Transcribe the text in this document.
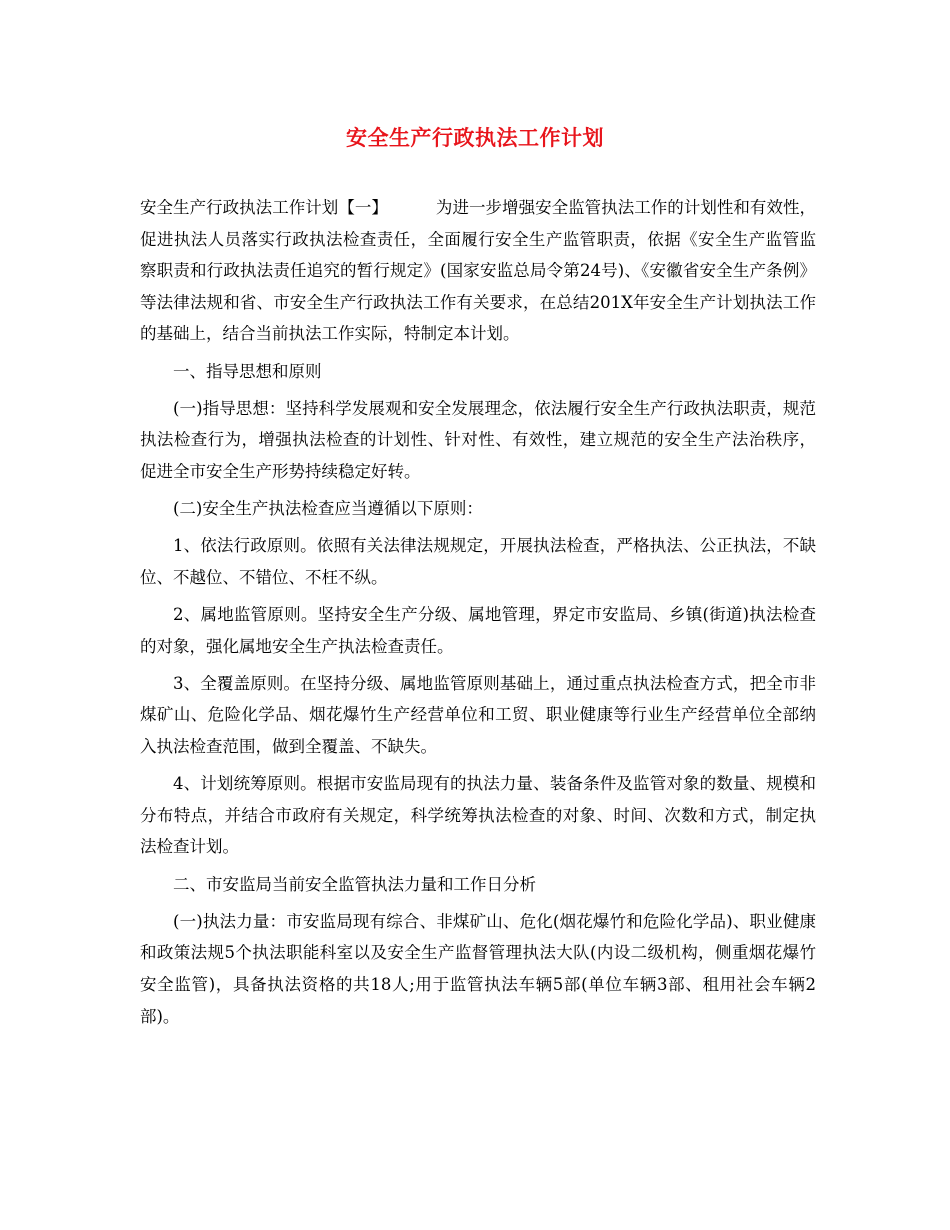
安全生产行政执法工作计划

安全生产行政执法工作计划【一】	为进一步增强安全监管执法工作的计划性和有效性，促进执法人员落实行政执法检查责任，全面履行安全生产监管职责，依据《安全生产监管监察职责和行政执法责任追究的暂行规定》(国家安监总局令第24号)、《安徽省安全生产条例》等法律法规和省、市安全生产行政执法工作有关要求，在总结201X年安全生产计划执法工作的基础上，结合当前执法工作实际，特制定本计划。

一、指导思想和原则

(一)指导思想：坚持科学发展观和安全发展理念，依法履行安全生产行政执法职责，规范执法检查行为，增强执法检查的计划性、针对性、有效性，建立规范的安全生产法治秩序，促进全市安全生产形势持续稳定好转。

(二)安全生产执法检查应当遵循以下原则：

1、依法行政原则。依照有关法律法规规定，开展执法检查，严格执法、公正执法，不缺位、不越位、不错位、不枉不纵。

2、属地监管原则。坚持安全生产分级、属地管理，界定市安监局、乡镇(街道)执法检查的对象，强化属地安全生产执法检查责任。

3、全覆盖原则。在坚持分级、属地监管原则基础上，通过重点执法检查方式，把全市非煤矿山、危险化学品、烟花爆竹生产经营单位和工贸、职业健康等行业生产经营单位全部纳入执法检查范围，做到全覆盖、不缺失。

4、计划统筹原则。根据市安监局现有的执法力量、装备条件及监管对象的数量、规模和分布特点，并结合市政府有关规定，科学统筹执法检查的对象、时间、次数和方式，制定执法检查计划。

二、市安监局当前安全监管执法力量和工作日分析

(一)执法力量：市安监局现有综合、非煤矿山、危化(烟花爆竹和危险化学品)、职业健康和政策法规5个执法职能科室以及安全生产监督管理执法大队(内设二级机构，侧重烟花爆竹安全监管)，具备执法资格的共18人;用于监管执法车辆5部(单位车辆3部、租用社会车辆2部)。
